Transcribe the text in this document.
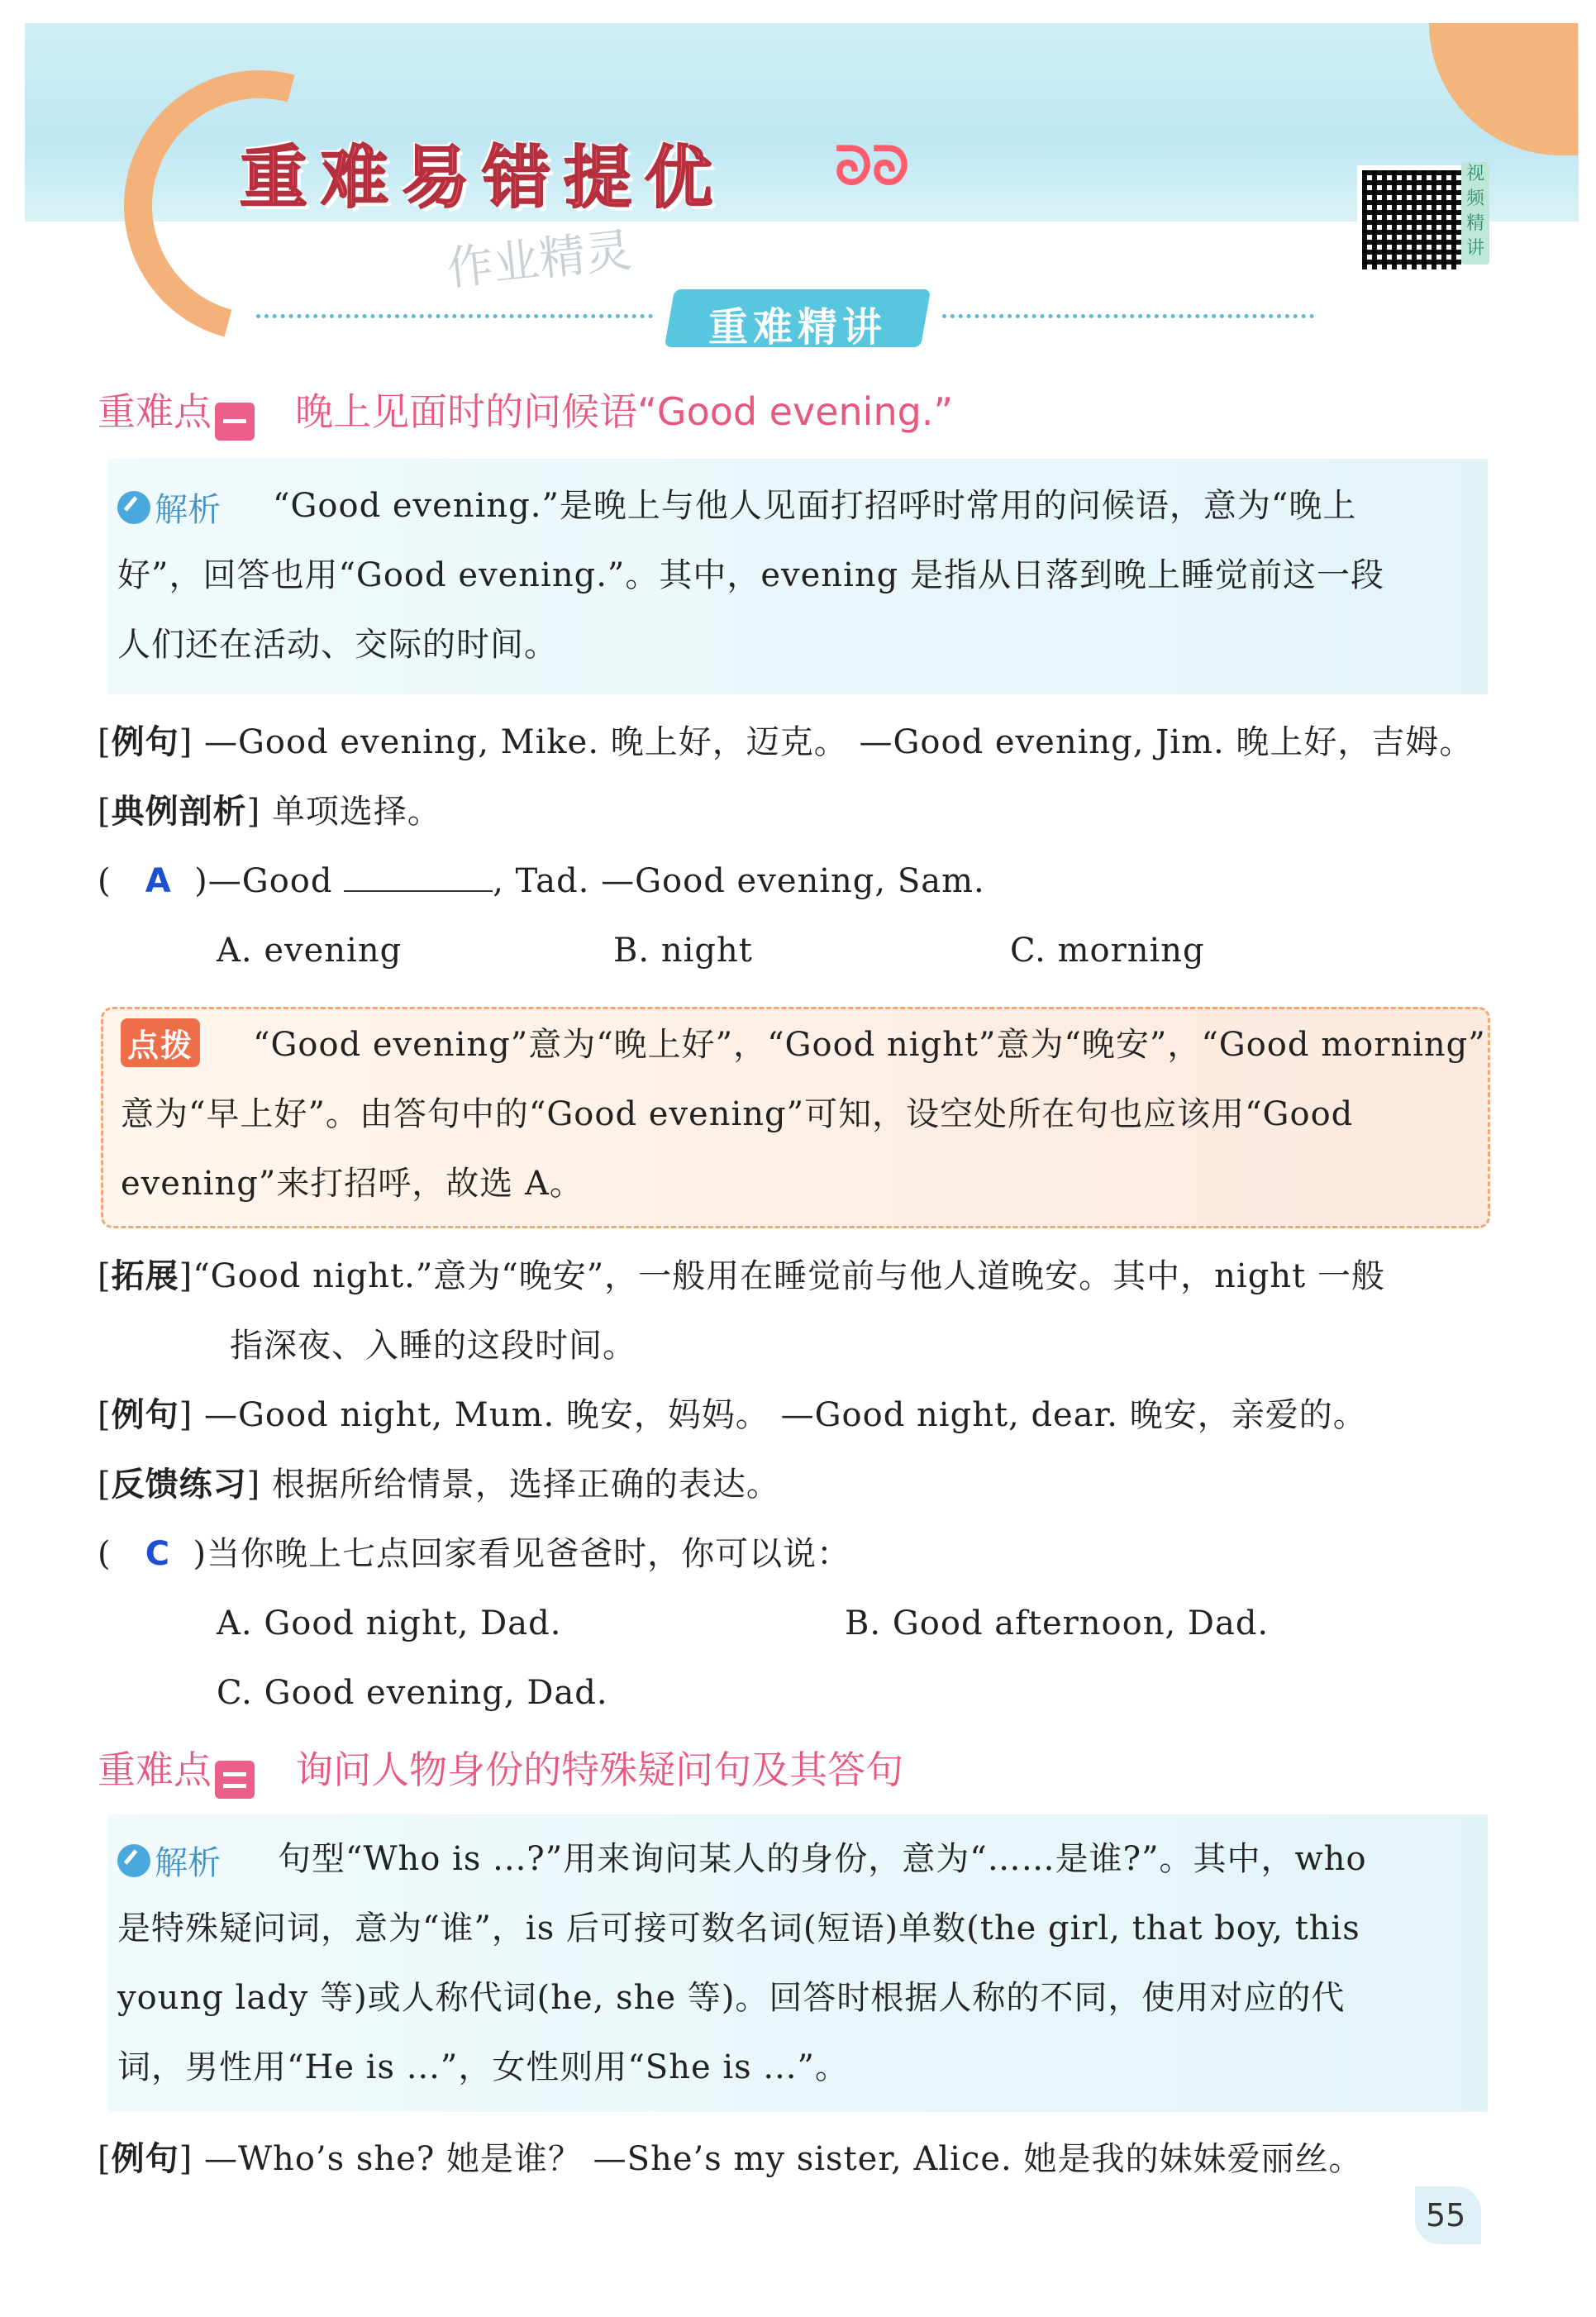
重难易错提优 ᘐᘐ
作业精灵
视
频
精
讲
重难精讲
重难点 晚上见面时的问候语“Good evening.”
解析 “Good evening.”是晚上与他人见面打招呼时常用的问候语，意为“晚上
好”，回答也用“Good evening.”。其中，evening 是指从日落到晚上睡觉前这一段
人们还在活动、交际的时间。
[例句] —Good evening, Mike. 晚上好，迈克。 —Good evening, Jim. 晚上好，吉姆。
[典例剖析] 单项选择。
(   A  )—Good	, Tad. —Good evening, Sam.
A. evening	B. night	C. morning
点拨 “Good evening”意为“晚上好”，“Good night”意为“晚安”，“Good morning”
意为“早上好”。由答句中的“Good evening”可知，设空处所在句也应该用“Good
evening”来打招呼，故选 A。
[拓展]“Good night.”意为“晚安”，一般用在睡觉前与他人道晚安。其中，night 一般
指深夜、入睡的这段时间。
[例句] —Good night, Mum. 晚安，妈妈。 —Good night, dear. 晚安，亲爱的。
[反馈练习] 根据所给情景，选择正确的表达。
(   C  )当你晚上七点回家看见爸爸时，你可以说：
A. Good night, Dad.	B. Good afternoon, Dad.
C. Good evening, Dad.
重难点 询问人物身份的特殊疑问句及其答句
解析 句型“Who is ...?”用来询问某人的身份，意为“……是谁?”。其中，who
是特殊疑问词，意为“谁”，is 后可接可数名词(短语)单数(the girl, that boy, this
young lady 等)或人称代词(he, she 等)。回答时根据人称的不同，使用对应的代
词，男性用“He is ...”，女性则用“She is ...”。
[例句] —Who’s she? 她是谁？ —She’s my sister, Alice. 她是我的妹妹爱丽丝。
55
